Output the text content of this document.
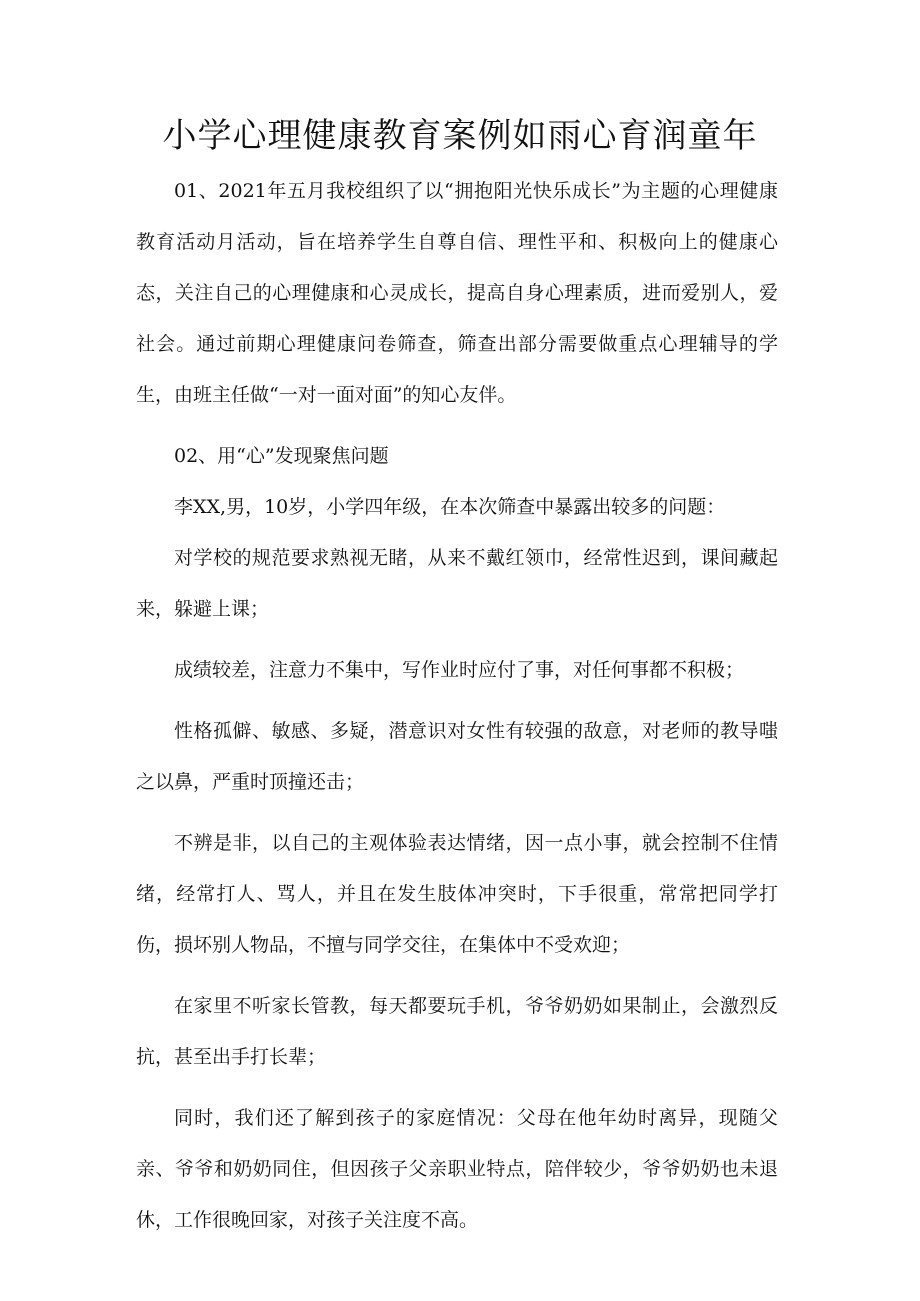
小学心理健康教育案例如雨心育润童年

01、2021年五月我校组织了以“拥抱阳光快乐成长”为主题的心理健康教育活动月活动，旨在培养学生自尊自信、理性平和、积极向上的健康心态，关注自己的心理健康和心灵成长，提高自身心理素质，进而爱别人，爱社会。通过前期心理健康问卷筛查，筛查出部分需要做重点心理辅导的学生，由班主任做“一对一面对面”的知心友伴。

02、用“心”发现聚焦问题

李XX,男，10岁，小学四年级，在本次筛查中暴露出较多的问题：

对学校的规范要求熟视无睹，从来不戴红领巾，经常性迟到，课间藏起来，躲避上课；

成绩较差，注意力不集中，写作业时应付了事，对任何事都不积极；

性格孤僻、敏感、多疑，潜意识对女性有较强的敌意，对老师的教导嗤之以鼻，严重时顶撞还击；

不辨是非，以自己的主观体验表达情绪，因一点小事，就会控制不住情绪，经常打人、骂人，并且在发生肢体冲突时，下手很重，常常把同学打伤，损坏别人物品，不擅与同学交往，在集体中不受欢迎；

在家里不听家长管教，每天都要玩手机，爷爷奶奶如果制止，会激烈反抗，甚至出手打长辈；

同时，我们还了解到孩子的家庭情况：父母在他年幼时离异，现随父亲、爷爷和奶奶同住，但因孩子父亲职业特点，陪伴较少，爷爷奶奶也未退休，工作很晚回家，对孩子关注度不高。
